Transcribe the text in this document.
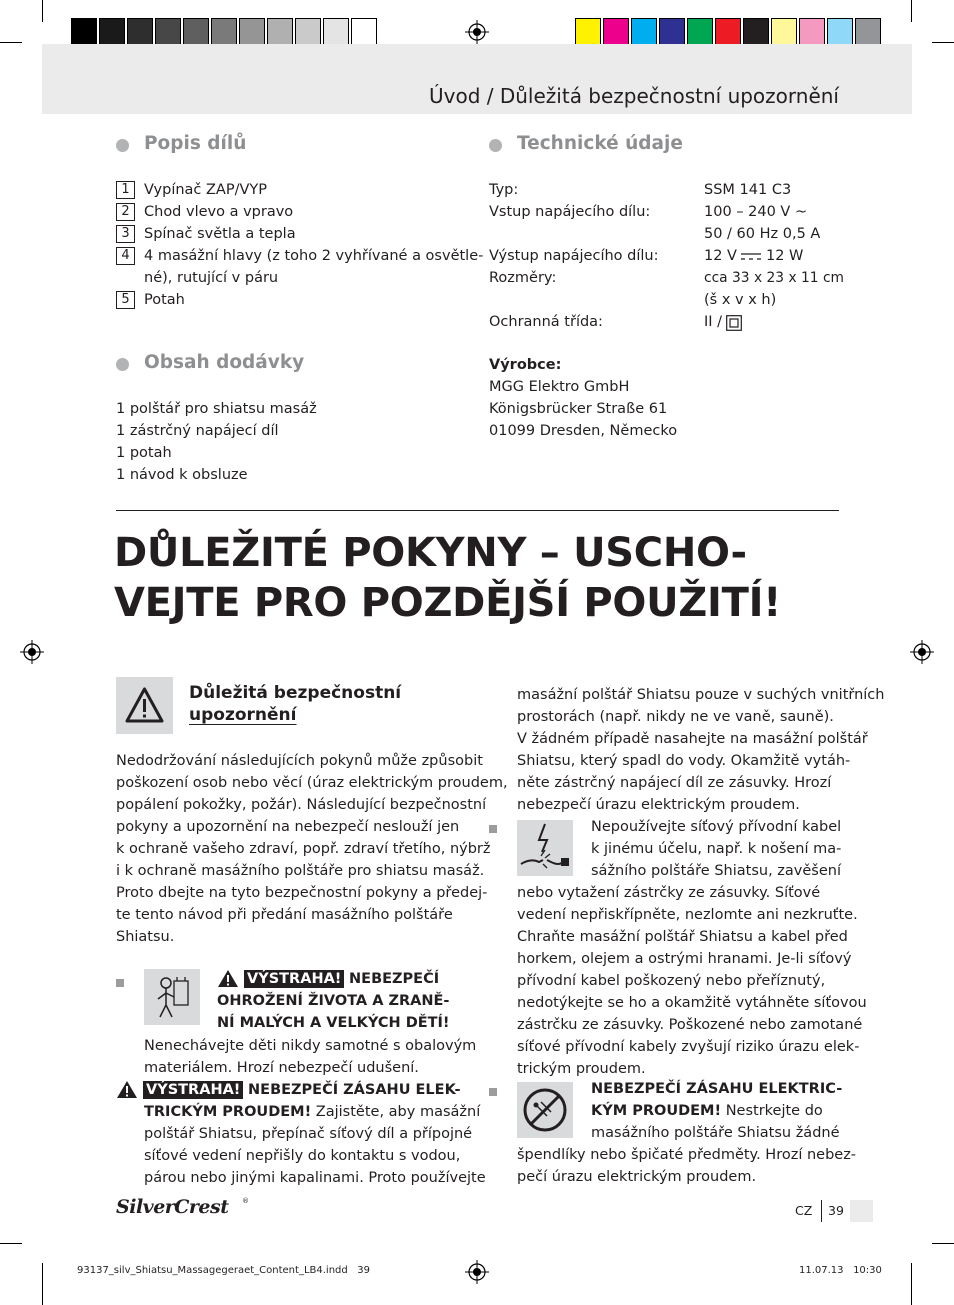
Úvod / Důležitá bezpečnostní upozornění
Popis dílů
1 Vypínač ZAP/VYP
2 Chod vlevo a vpravo
3 Spínač světla a tepla
4 4 masážní hlavy (z toho 2 vyhřívané a osvětle-
né), rutující v páru
5 Potah
Obsah dodávky
1 polštář pro shiatsu masáž
1 zástrčný napájecí díl
1 potah
1 návod k obsluze
Technické údaje
Typ:	SSM 141 C3
Vstup napájecího dílu:	100 – 240 V ~
50 / 60 Hz 0,5 A
Výstup napájecího dílu:	12 V 12 W
Rozměry:	cca 33 x 23 x 11 cm
(š x v x h)
Ochranná třída:	II /
Výrobce:
MGG Elektro GmbH
Königsbrücker Straße 61
01099 Dresden, Německo
DŮLEŽITÉ POKYNY – USCHO-
VEJTE PRO POZDĚJŠÍ POUŽITÍ!
Důležitá bezpečnostní
upozornění
Nedodržování následujících pokynů může způsobit
poškození osob nebo věcí (úraz elektrickým proudem,
popálení pokožky, požár). Následující bezpečnostní
pokyny a upozornění na nebezpečí neslouží jen
k ochraně vašeho zdraví, popř. zdraví třetího, nýbrž
i k ochraně masážního polštáře pro shiatsu masáž.
Proto dbejte na tyto bezpečnostní pokyny a předej-
te tento návod při předání masážního polštáře
Shiatsu.
VÝSTRAHA! NEBEZPEČÍ
OHROŽENÍ ŽIVOTA A ZRANĚ-
NÍ MALÝCH A VELKÝCH DĚTÍ!
Nenechávejte děti nikdy samotné s obalovým
materiálem. Hrozí nebezpečí udušení.
VÝSTRAHA! NEBEZPEČÍ ZÁSAHU ELEK-
TRICKÝM PROUDEM! Zajistěte, aby masážní
polštář Shiatsu, přepínač síťový díl a přípojné
síťové vedení nepřišly do kontaktu s vodou,
párou nebo jinými kapalinami. Proto používejte
masážní polštář Shiatsu pouze v suchých vnitřních
prostorách (např. nikdy ne ve vaně, sauně).
V žádném případě nasahejte na masážní polštář
Shiatsu, který spadl do vody. Okamžitě vytáh-
něte zástrčný napájecí díl ze zásuvky. Hrozí
nebezpečí úrazu elektrickým proudem.
Nepoužívejte síťový přívodní kabel
k jinému účelu, např. k nošení ma-
sážního polštáře Shiatsu, zavěšení
nebo vytažení zástrčky ze zásuvky. Síťové
vedení nepřiskřípněte, nezlomte ani nezkruťte.
Chraňte masážní polštář Shiatsu a kabel před
horkem, olejem a ostrými hranami. Je-li síťový
přívodní kabel poškozený nebo přeříznutý,
nedotýkejte se ho a okamžitě vytáhněte síťovou
zástrčku ze zásuvky. Poškozené nebo zamotané
síťové přívodní kabely zvyšují riziko úrazu elek-
trickým proudem.
NEBEZPEČÍ ZÁSAHU ELEKTRIC-
KÝM PROUDEM! Nestrkejte do
masážního polštáře Shiatsu žádné
špendlíky nebo špičaté předměty. Hrozí nebez-
pečí úrazu elektrickým proudem.
SilverCrest ®
CZ 39
93137_silv_Shiatsu_Massagegeraet_Content_LB4.indd   39	11.07.13   10:30
